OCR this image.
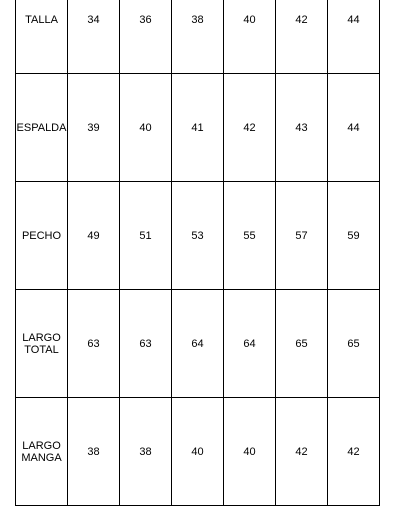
TALLA	34	36	38	40	42	44

ESPALDA	39	40	41	42	43	44

PECHO	49	51	53	55	57	59

LARGO
TOTAL	63	63	64	64	65	65

LARGO
MANGA	38	38	40	40	42	42
